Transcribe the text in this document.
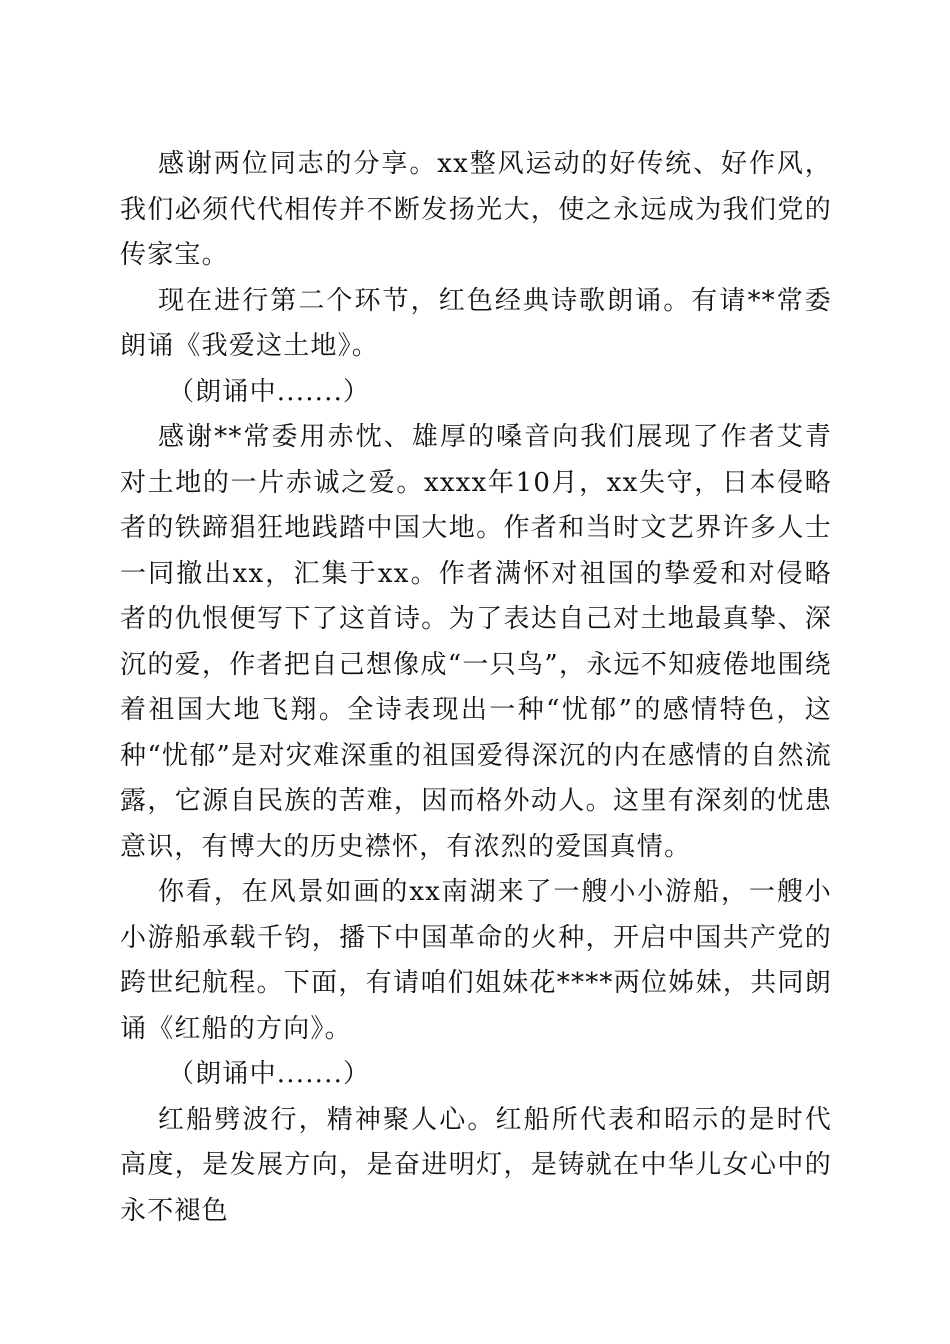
感谢两位同志的分享。xx整风运动的好传统、好作风，我们必须代代相传并不断发扬光大，使之永远成为我们党的传家宝。

现在进行第二个环节，红色经典诗歌朗诵。有请**常委朗诵《我爱这土地》。

（朗诵中.......）

感谢**常委用赤忱、雄厚的嗓音向我们展现了作者艾青对土地的一片赤诚之爱。xxxx年10月，xx失守，日本侵略者的铁蹄猖狂地践踏中国大地。作者和当时文艺界许多人士一同撤出xx，汇集于xx。作者满怀对祖国的挚爱和对侵略者的仇恨便写下了这首诗。为了表达自己对土地最真挚、深沉的爱，作者把自己想像成“一只鸟”，永远不知疲倦地围绕着祖国大地飞翔。全诗表现出一种“忧郁”的感情特色，这种“忧郁”是对灾难深重的祖国爱得深沉的内在感情的自然流露，它源自民族的苦难，因而格外动人。这里有深刻的忧患意识，有博大的历史襟怀，有浓烈的爱国真情。

你看，在风景如画的xx南湖来了一艘小小游船，一艘小小游船承载千钧，播下中国革命的火种，开启中国共产党的跨世纪航程。下面，有请咱们姐妹花****两位姊妹，共同朗诵《红船的方向》。

（朗诵中.......）

红船劈波行，精神聚人心。红船所代表和昭示的是时代高度，是发展方向，是奋进明灯，是铸就在中华儿女心中的永不褪色
